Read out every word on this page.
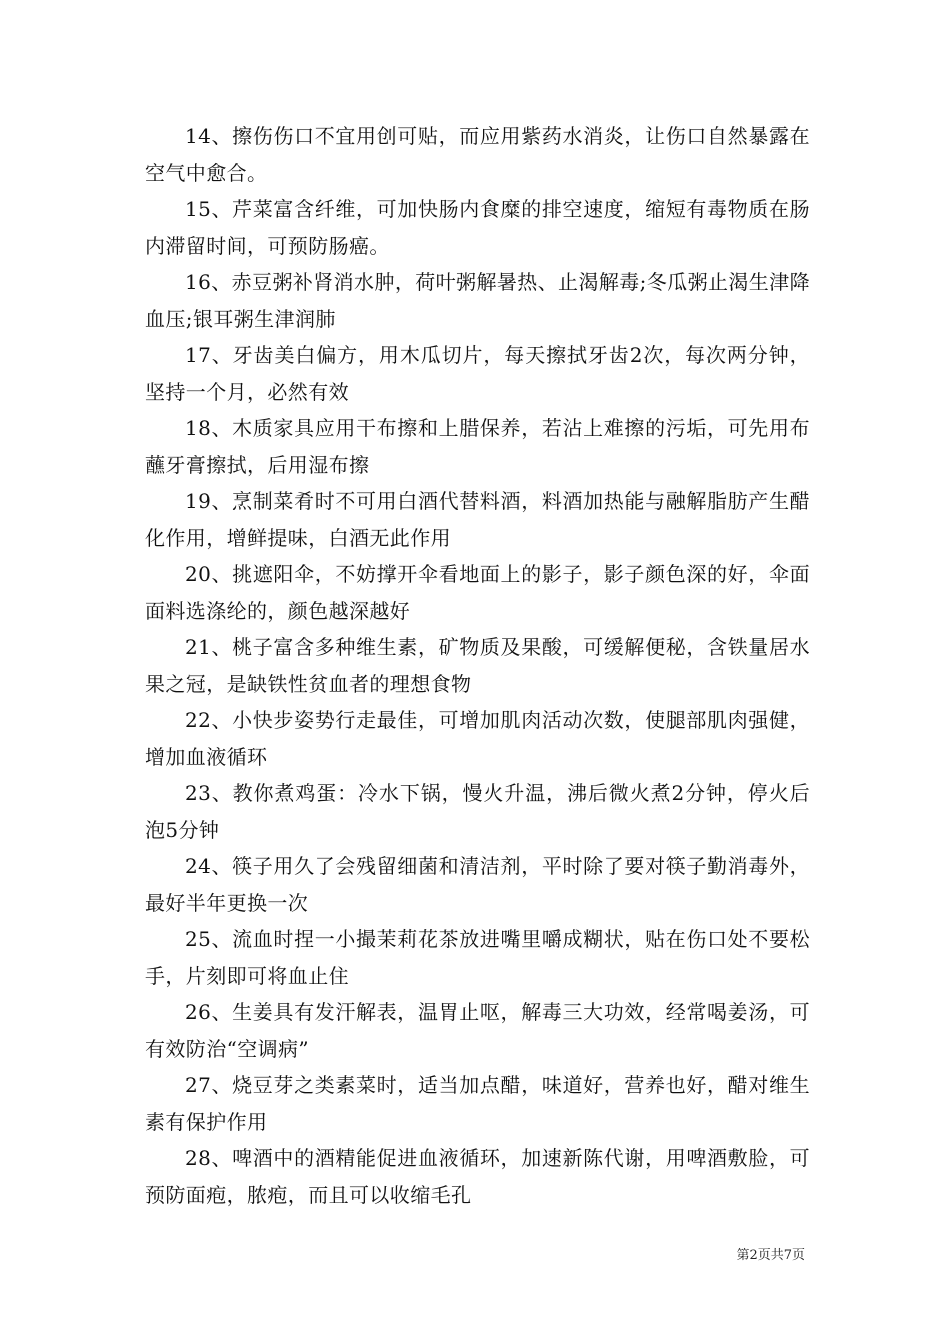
14、擦伤伤口不宜用创可贴，而应用紫药水消炎，让伤口自然暴露在空气中愈合。

15、芹菜富含纤维，可加快肠内食糜的排空速度，缩短有毒物质在肠内滞留时间，可预防肠癌。

16、赤豆粥补肾消水肿，荷叶粥解暑热、止渴解毒;冬瓜粥止渴生津降血压;银耳粥生津润肺

17、牙齿美白偏方，用木瓜切片，每天擦拭牙齿2次，每次两分钟，坚持一个月，必然有效

18、木质家具应用干布擦和上腊保养，若沾上难擦的污垢，可先用布蘸牙膏擦拭，后用湿布擦

19、烹制菜肴时不可用白酒代替料酒，料酒加热能与融解脂肪产生醋化作用，增鲜提味，白酒无此作用

20、挑遮阳伞，不妨撑开伞看地面上的影子，影子颜色深的好，伞面面料选涤纶的，颜色越深越好

21、桃子富含多种维生素，矿物质及果酸，可缓解便秘，含铁量居水果之冠，是缺铁性贫血者的理想食物

22、小快步姿势行走最佳，可增加肌肉活动次数，使腿部肌肉强健，增加血液循环

23、教你煮鸡蛋：冷水下锅，慢火升温，沸后微火煮2分钟，停火后泡5分钟

24、筷子用久了会残留细菌和清洁剂，平时除了要对筷子勤消毒外，最好半年更换一次

25、流血时捏一小撮茉莉花茶放进嘴里嚼成糊状，贴在伤口处不要松手，片刻即可将血止住

26、生姜具有发汗解表，温胃止呕，解毒三大功效，经常喝姜汤，可有效防治“空调病”

27、烧豆芽之类素菜时，适当加点醋，味道好，营养也好，醋对维生素有保护作用

28、啤酒中的酒精能促进血液循环，加速新陈代谢，用啤酒敷脸，可预防面疱，脓疱，而且可以收缩毛孔

第2页共7页
